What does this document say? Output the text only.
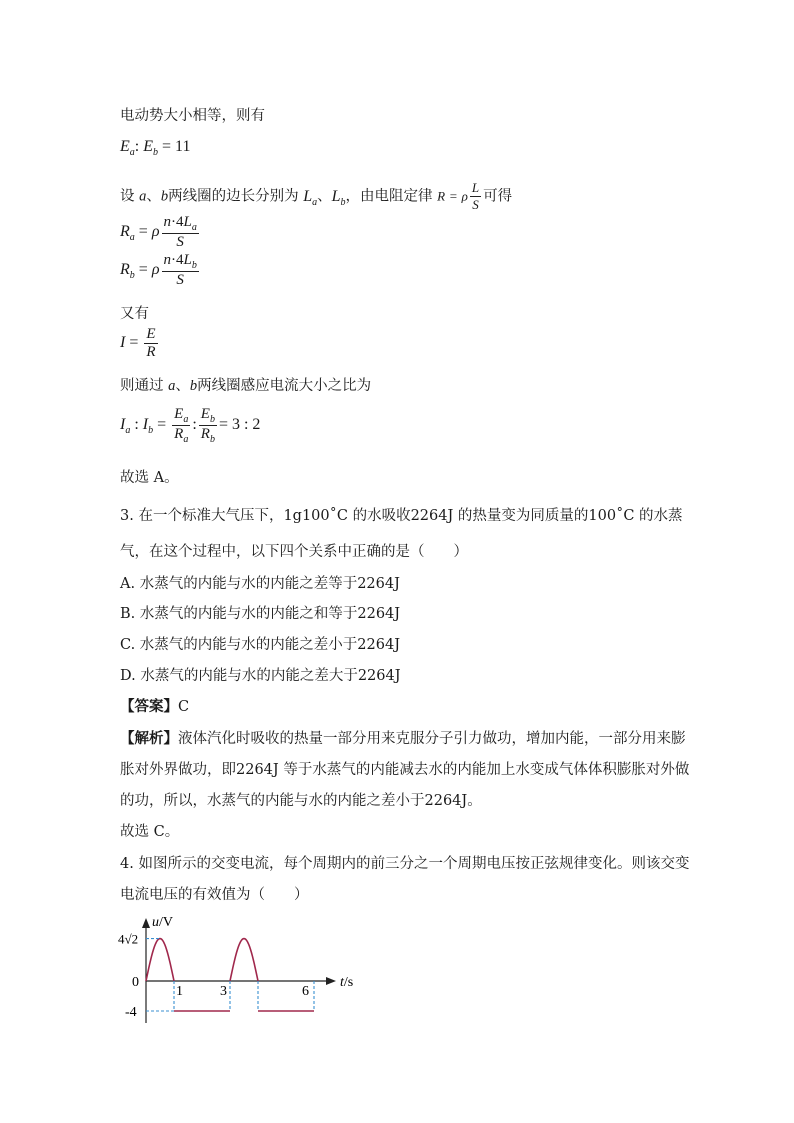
电动势大小相等，则有
$E_a$: $E_b = 11$
设 a、b两线圈的边长分别为 $L_a$、$L_b$，由电阻定律 R = ρ $\frac{L}{S}$ 可得
$R_a = \rho \frac{n\cdot 4L_a}{S}$
$R_b = \rho \frac{n\cdot 4L_b}{S}$
又有
$I = \frac{E}{R}$
则通过 a、b两线圈感应电流大小之比为
$I_a$ : $I_b = \frac{E_a}{R_a}$ : $\frac{E_b}{R_b} = 3$ : 2
故选 A。
3. 在一个标准大气压下，1g100˚C 的水吸收2264J 的热量变为同质量的100˚C 的水蒸
气，在这个过程中，以下四个关系中正确的是（　　）
A. 水蒸气的内能与水的内能之差等于2264J
B. 水蒸气的内能与水的内能之和等于2264J
C. 水蒸气的内能与水的内能之差小于2264J
D. 水蒸气的内能与水的内能之差大于2264J
【答案】C
【解析】液体汽化时吸收的热量一部分用来克服分子引力做功，增加内能，一部分用来膨
胀对外界做功，即2264J 等于水蒸气的内能减去水的内能加上水变成气体体积膨胀对外做
的功，所以，水蒸气的内能与水的内能之差小于2264J。
故选 C。
4. 如图所示的交变电流，每个周期内的前三分之一个周期电压按正弦规律变化。则该交变
电流电压的有效值为（　　）
u/V
t/s
1	3	6
4√2
0
-4
